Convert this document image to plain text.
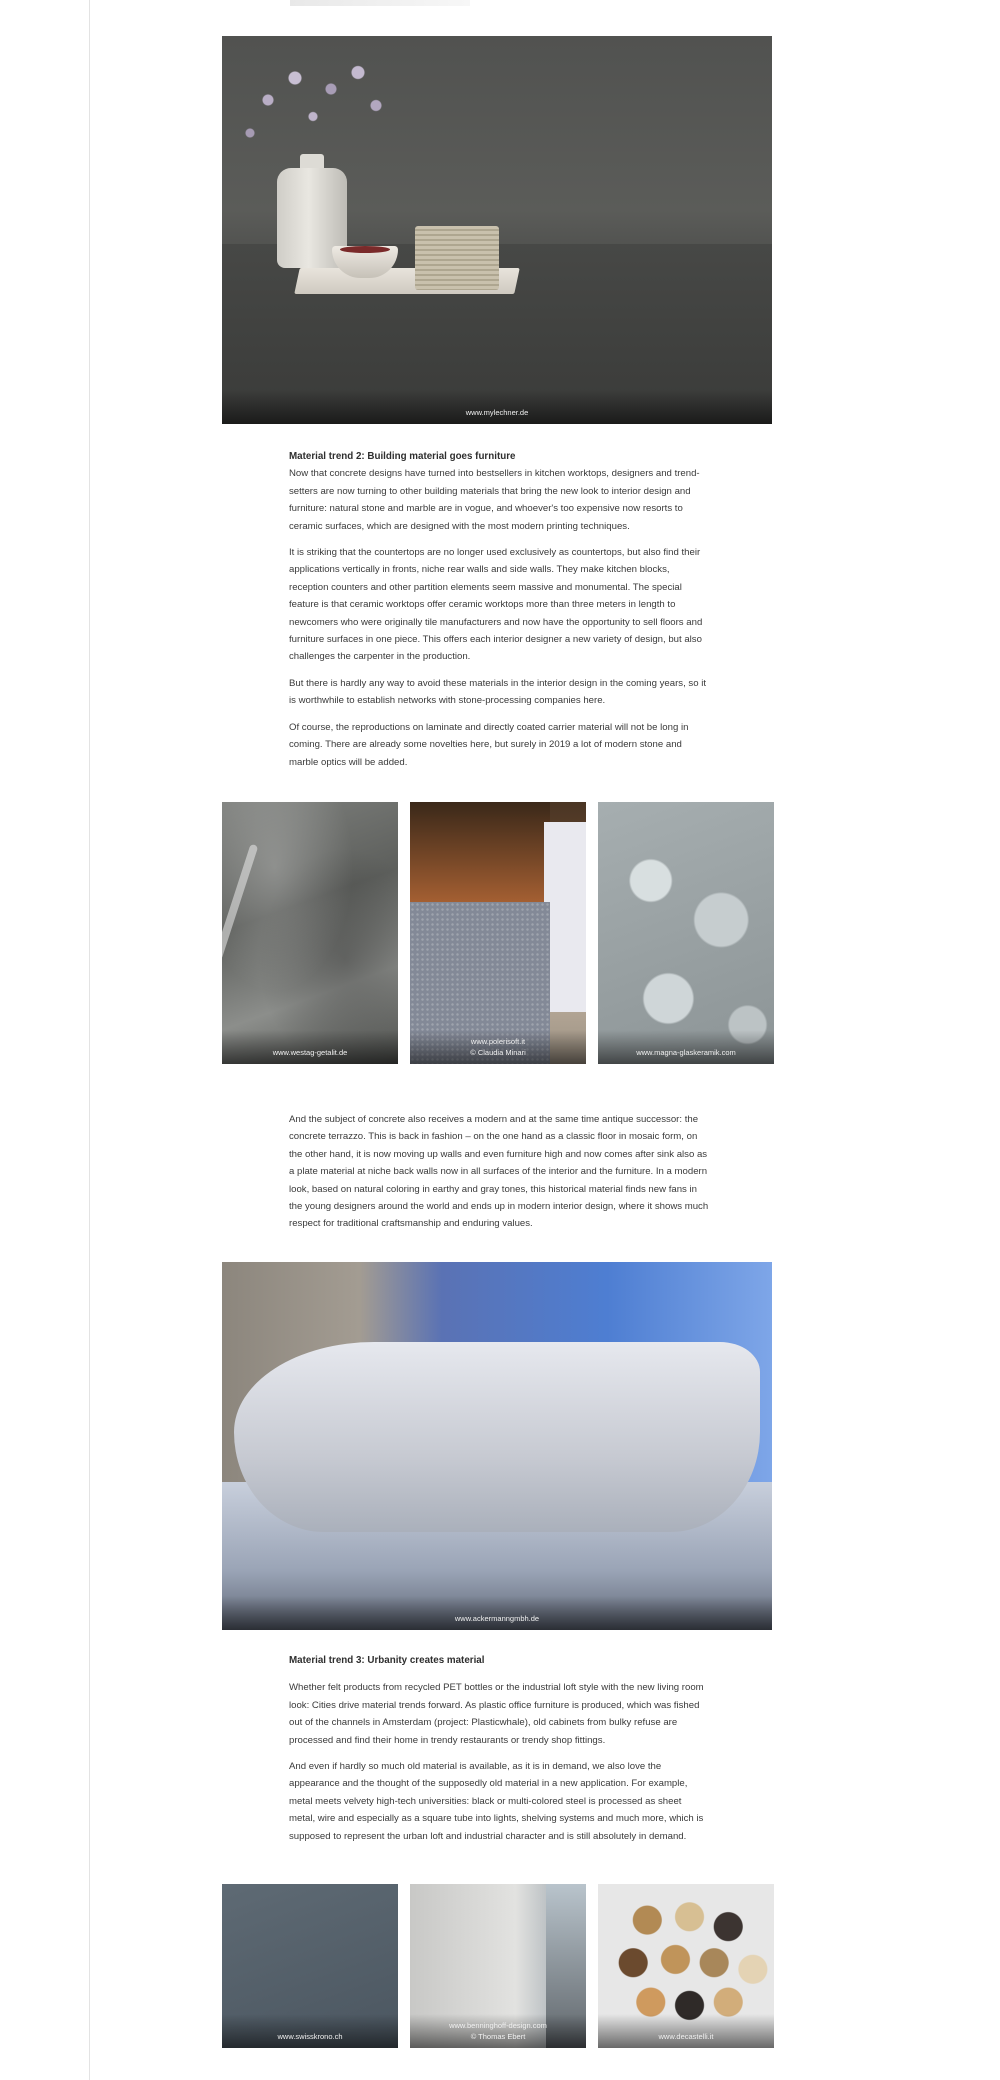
www.mylechner.de
Material trend 2: Building material goes furniture

Now that concrete designs have turned into bestsellers in kitchen worktops, designers and trend-setters are now turning to other building materials that bring the new look to interior design and furniture: natural stone and marble are in vogue, and whoever's too expensive now resorts to ceramic surfaces, which are designed with the most modern printing techniques.

It is striking that the countertops are no longer used exclusively as countertops, but also find their applications vertically in fronts, niche rear walls and side walls. They make kitchen blocks, reception counters and other partition elements seem massive and monumental. The special feature is that ceramic worktops offer ceramic worktops more than three meters in length to newcomers who were originally tile manufacturers and now have the opportunity to sell floors and furniture surfaces in one piece. This offers each interior designer a new variety of design, but also challenges the carpenter in the production.

But there is hardly any way to avoid these materials in the interior design in the coming years, so it is worthwhile to establish networks with stone-processing companies here.

Of course, the reproductions on laminate and directly coated carrier material will not be long in coming. There are already some novelties here, but surely in 2019 a lot of modern stone and marble optics will be added.

www.westag-getalit.de
www.polerisoft.it
© Claudia Minari	www.magna-glaskeramik.com

And the subject of concrete also receives a modern and at the same time antique successor: the concrete terrazzo. This is back in fashion – on the one hand as a classic floor in mosaic form, on the other hand, it is now moving up walls and even furniture high and now comes after sink also as a plate material at niche back walls now in all surfaces of the interior and the furniture. In a modern look, based on natural coloring in earthy and gray tones, this historical material finds new fans in the young designers around the world and ends up in modern interior design, where it shows much respect for traditional craftsmanship and enduring values.

www.ackermanngmbh.de
Material trend 3: Urbanity creates material

Whether felt products from recycled PET bottles or the industrial loft style with the new living room look: Cities drive material trends forward. As plastic office furniture is produced, which was fished out of the channels in Amsterdam (project: Plasticwhale), old cabinets from bulky refuse are processed and find their home in trendy restaurants or trendy shop fittings.

And even if hardly so much old material is available, as it is in demand, we also love the appearance and the thought of the supposedly old material in a new application. For example, metal meets velvety high-tech universities: black or multi-colored steel is processed as sheet metal, wire and especially as a square tube into lights, shelving systems and much more, which is supposed to represent the urban loft and industrial character and is still absolutely in demand.

www.swisskrono.ch
www.benninghoff-design.com
© Thomas Ebert	www.decastelli.it
